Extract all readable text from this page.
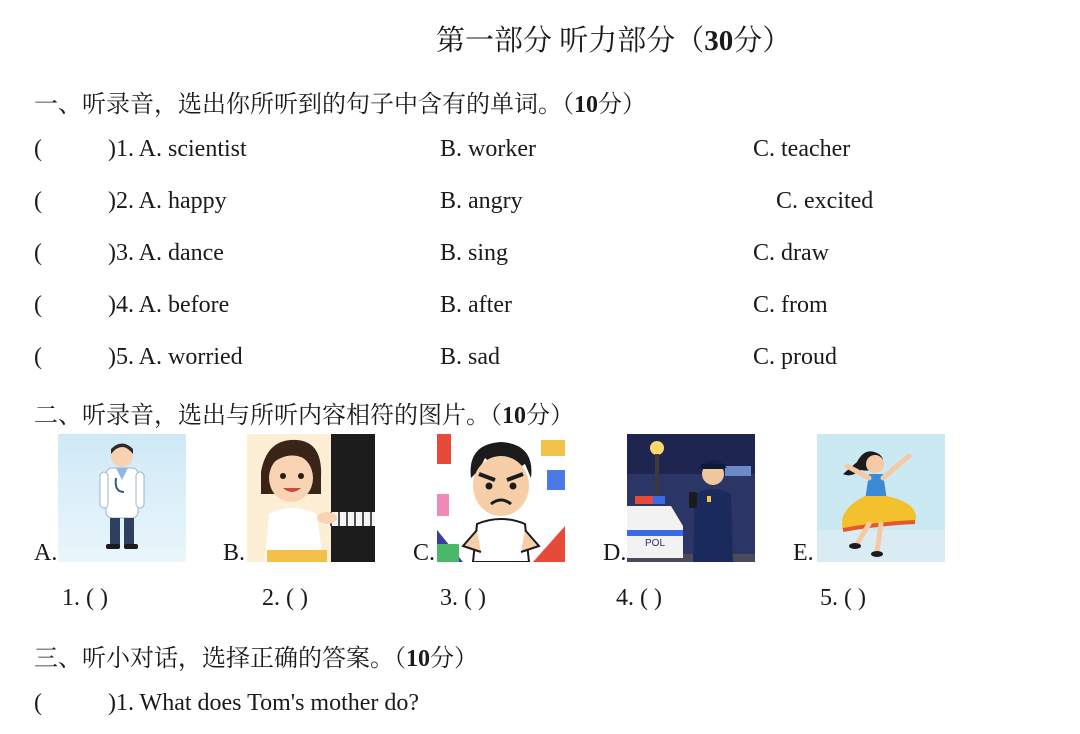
第一部分 听力部分（30分）
一、听录音，选出你所听到的句子中含有的单词。（10分）
(	)1. A. scientist	B. worker	C. teacher
(	)2. A. happy	B. angry	C. excited
(	)3. A. dance	B. sing	C. draw
(	)4. A. before	B. after	C. from
(	)5. A. worried	B. sad	C. proud
二、听录音，选出与所听内容相符的图片。（10分）
A.	B.	C.	D. POL	E.
1. ( )	2. ( )	3. ( )	4. ( )	5. ( )
三、听小对话，选择正确的答案。（10分）
(	)1. What does Tom's mother do?
